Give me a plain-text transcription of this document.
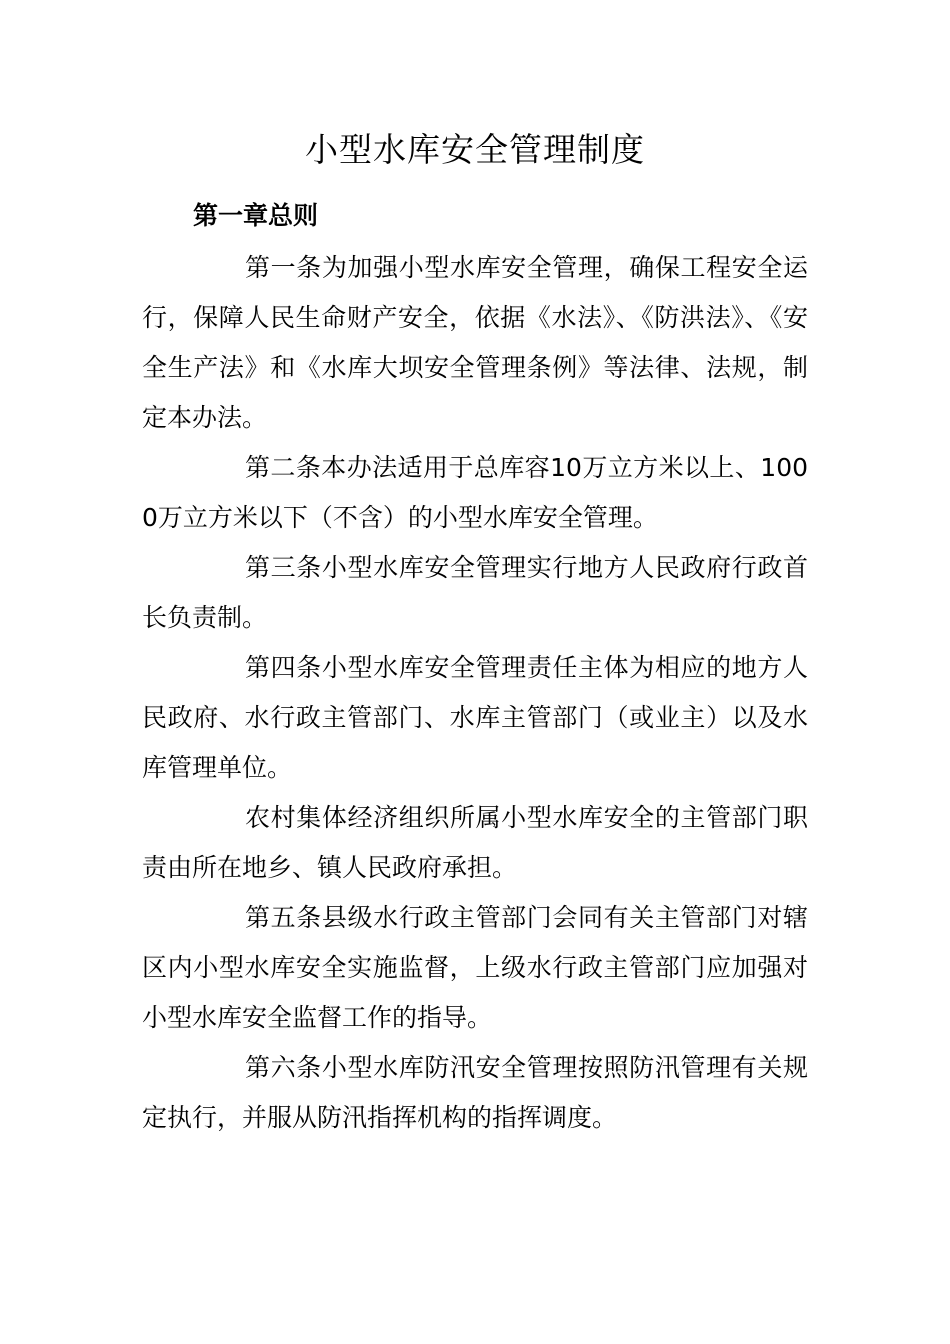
小型水库安全管理制度
第一章总则

第一条为加强小型水库安全管理，确保工程安全运行，保障人民生命财产安全，依据《水法》、《防洪法》、《安全生产法》和《水库大坝安全管理条例》等法律、法规，制定本办法。

第二条本办法适用于总库容10万立方米以上、1000万立方米以下（不含）的小型水库安全管理。

第三条小型水库安全管理实行地方人民政府行政首长负责制。

第四条小型水库安全管理责任主体为相应的地方人民政府、水行政主管部门、水库主管部门（或业主）以及水库管理单位。

农村集体经济组织所属小型水库安全的主管部门职责由所在地乡、镇人民政府承担。

第五条县级水行政主管部门会同有关主管部门对辖区内小型水库安全实施监督，上级水行政主管部门应加强对小型水库安全监督工作的指导。

第六条小型水库防汛安全管理按照防汛管理有关规定执行，并服从防汛指挥机构的指挥调度。
